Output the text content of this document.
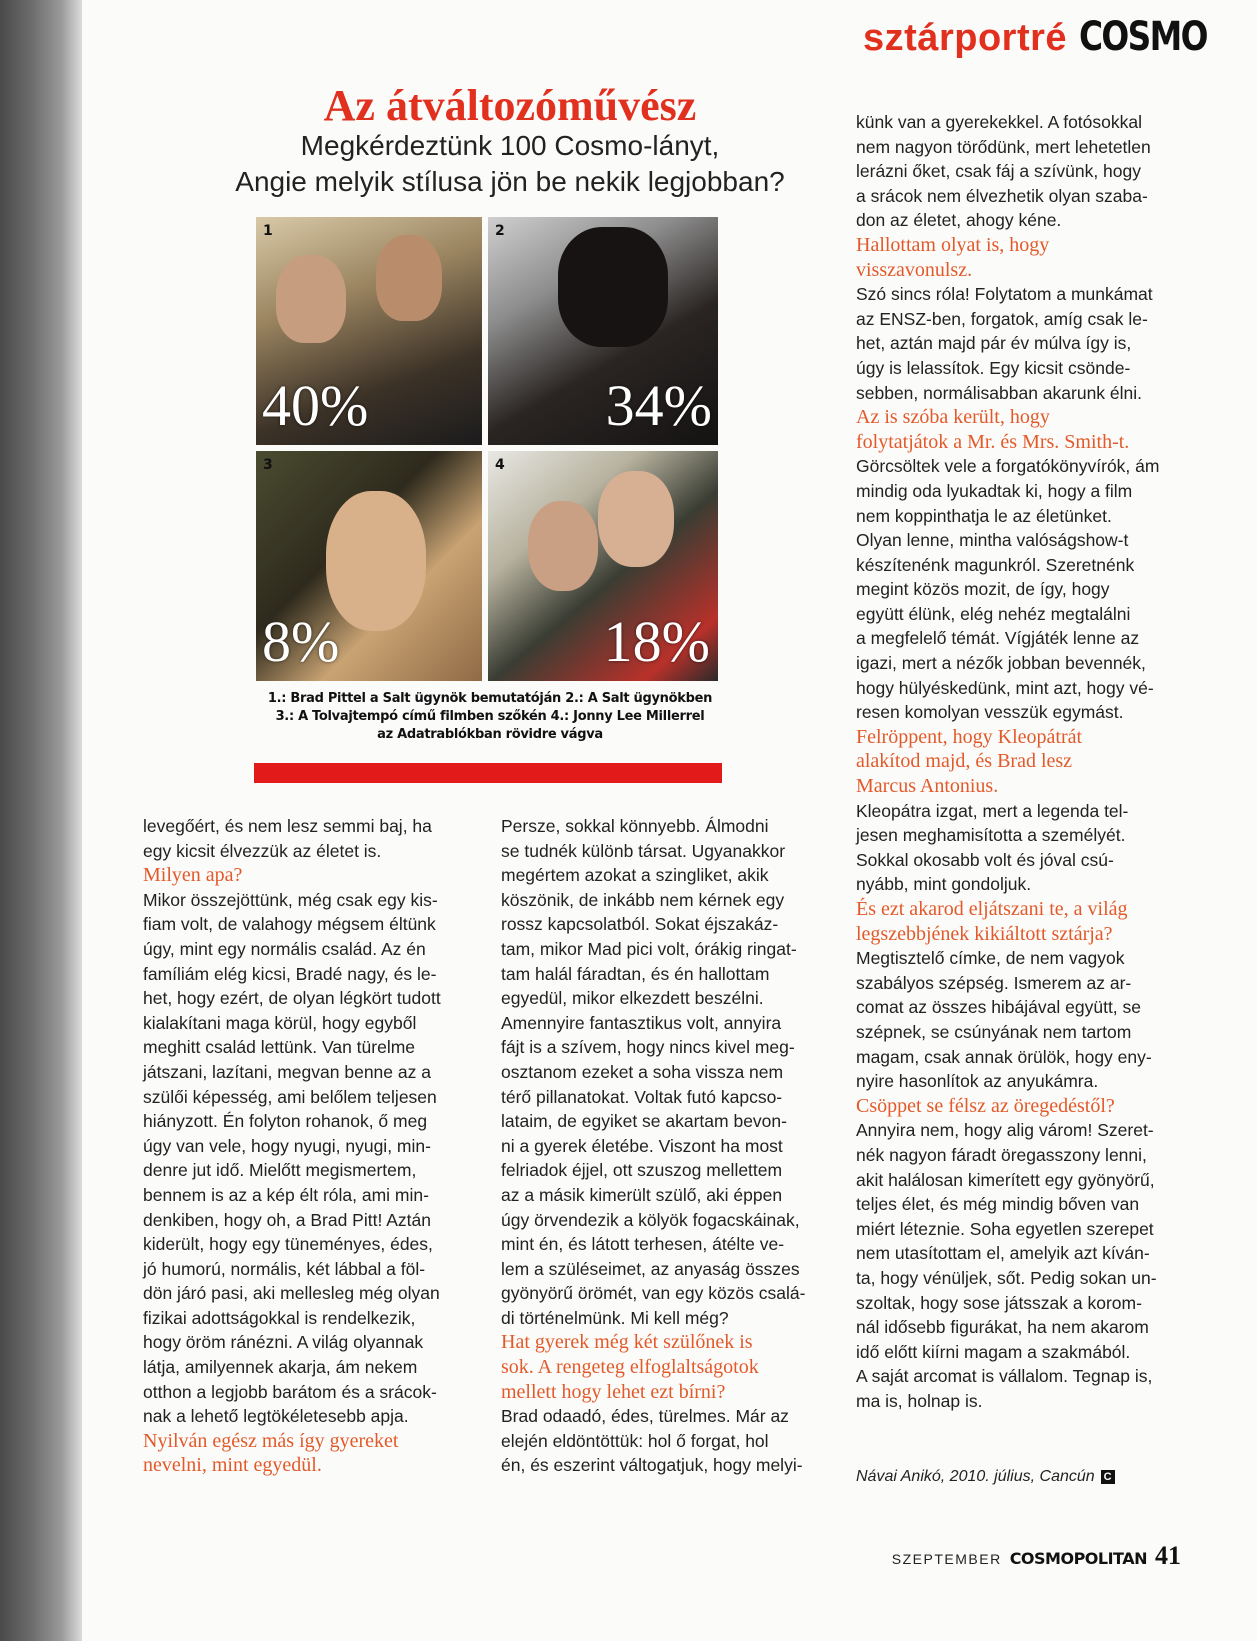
sztárportré COSMO
Az átváltozóművész
Megkérdeztünk 100 Cosmo-lányt,
Angie melyik stílusa jön be nekik legjobban?
1
40%
2
34%
3
8%
4
18%
1.: Brad Pittel a Salt ügynök bemutatóján 2.: A Salt ügynökben
3.: A Tolvajtempó című filmben szőkén 4.: Jonny Lee Millerrel
az Adatrablókban rövidre vágva

levegőért, és nem lesz semmi baj, ha

egy kicsit élvezzük az életet is.

Milyen apa?

Mikor összejöttünk, még csak egy kis-

fiam volt, de valahogy mégsem éltünk

úgy, mint egy normális család. Az én

famíliám elég kicsi, Bradé nagy, és le-

het, hogy ezért, de olyan légkört tudott

kialakítani maga körül, hogy egyből

meghitt család lettünk. Van türelme

játszani, lazítani, megvan benne az a

szülői képesség, ami belőlem teljesen

hiányzott. Én folyton rohanok, ő meg

úgy van vele, hogy nyugi, nyugi, min-

denre jut idő. Mielőtt megismertem,

bennem is az a kép élt róla, ami min-

denkiben, hogy oh, a Brad Pitt! Aztán

kiderült, hogy egy tüneményes, édes,

jó humorú, normális, két lábbal a föl-

dön járó pasi, aki mellesleg még olyan

fizikai adottságokkal is rendelkezik,

hogy öröm ránézni. A világ olyannak

látja, amilyennek akarja, ám nekem

otthon a legjobb barátom és a srácok-

nak a lehető legtökéletesebb apja.

Nyilván egész más így gyereket

nevelni, mint egyedül.

Persze, sokkal könnyebb. Álmodni

se tudnék különb társat. Ugyanakkor

megértem azokat a szingliket, akik

köszönik, de inkább nem kérnek egy

rossz kapcsolatból. Sokat éjszakáz-

tam, mikor Mad pici volt, órákig ringat-

tam halál fáradtan, és én hallottam

egyedül, mikor elkezdett beszélni.

Amennyire fantasztikus volt, annyira

fájt is a szívem, hogy nincs kivel meg-

osztanom ezeket a soha vissza nem

térő pillanatokat. Voltak futó kapcso-

lataim, de egyiket se akartam bevon-

ni a gyerek életébe. Viszont ha most

felriadok éjjel, ott szuszog mellettem

az a másik kimerült szülő, aki éppen

úgy örvendezik a kölyök fogacskáinak,

mint én, és látott terhesen, átélte ve-

lem a szüléseimet, az anyaság összes

gyönyörű örömét, van egy közös csalá-

di történelmünk. Mi kell még?

Hat gyerek még két szülőnek is

sok. A rengeteg elfoglaltságotok

mellett hogy lehet ezt bírni?

Brad odaadó, édes, türelmes. Már az

elején eldöntöttük: hol ő forgat, hol

én, és eszerint váltogatjuk, hogy melyi-

künk van a gyerekekkel. A fotósokkal

nem nagyon törődünk, mert lehetetlen

lerázni őket, csak fáj a szívünk, hogy

a srácok nem élvezhetik olyan szaba-

don az életet, ahogy kéne.

Hallottam olyat is, hogy

visszavonulsz.

Szó sincs róla! Folytatom a munkámat

az ENSZ-ben, forgatok, amíg csak le-

het, aztán majd pár év múlva így is,

úgy is lelassítok. Egy kicsit csönde-

sebben, normálisabban akarunk élni.

Az is szóba került, hogy

folytatjátok a Mr. és Mrs. Smith-t.

Görcsöltek vele a forgatókönyvírók, ám

mindig oda lyukadtak ki, hogy a film

nem koppinthatja le az életünket.

Olyan lenne, mintha valóságshow-t

készítenénk magunkról. Szeretnénk

megint közös mozit, de így, hogy

együtt élünk, elég nehéz megtalálni

a megfelelő témát. Vígjáték lenne az

igazi, mert a nézők jobban bevennék,

hogy hülyéskedünk, mint azt, hogy vé-

resen komolyan vesszük egymást.

Felröppent, hogy Kleopátrát

alakítod majd, és Brad lesz

Marcus Antonius.

Kleopátra izgat, mert a legenda tel-

jesen meghamisította a személyét.

Sokkal okosabb volt és jóval csú-

nyább, mint gondoljuk.

És ezt akarod eljátszani te, a világ

legszebbjének kikiáltott sztárja?

Megtisztelő címke, de nem vagyok

szabályos szépség. Ismerem az ar-

comat az összes hibájával együtt, se

szépnek, se csúnyának nem tartom

magam, csak annak örülök, hogy eny-

nyire hasonlítok az anyukámra.

Csöppet se félsz az öregedéstől?

Annyira nem, hogy alig várom! Szeret-

nék nagyon fáradt öregasszony lenni,

akit halálosan kimerített egy gyönyörű,

teljes élet, és még mindig bőven van

miért léteznie. Soha egyetlen szerepet

nem utasítottam el, amelyik azt kíván-

ta, hogy vénüljek, sőt. Pedig sokan un-

szoltak, hogy sose játsszak a korom-

nál idősebb figurákat, ha nem akarom

idő előtt kiírni magam a szakmából.

A saját arcomat is vállalom. Tegnap is,

ma is, holnap is.

Návai Anikó, 2010. július, Cancún C
SZEPTEMBER COSMOPOLITAN 41
